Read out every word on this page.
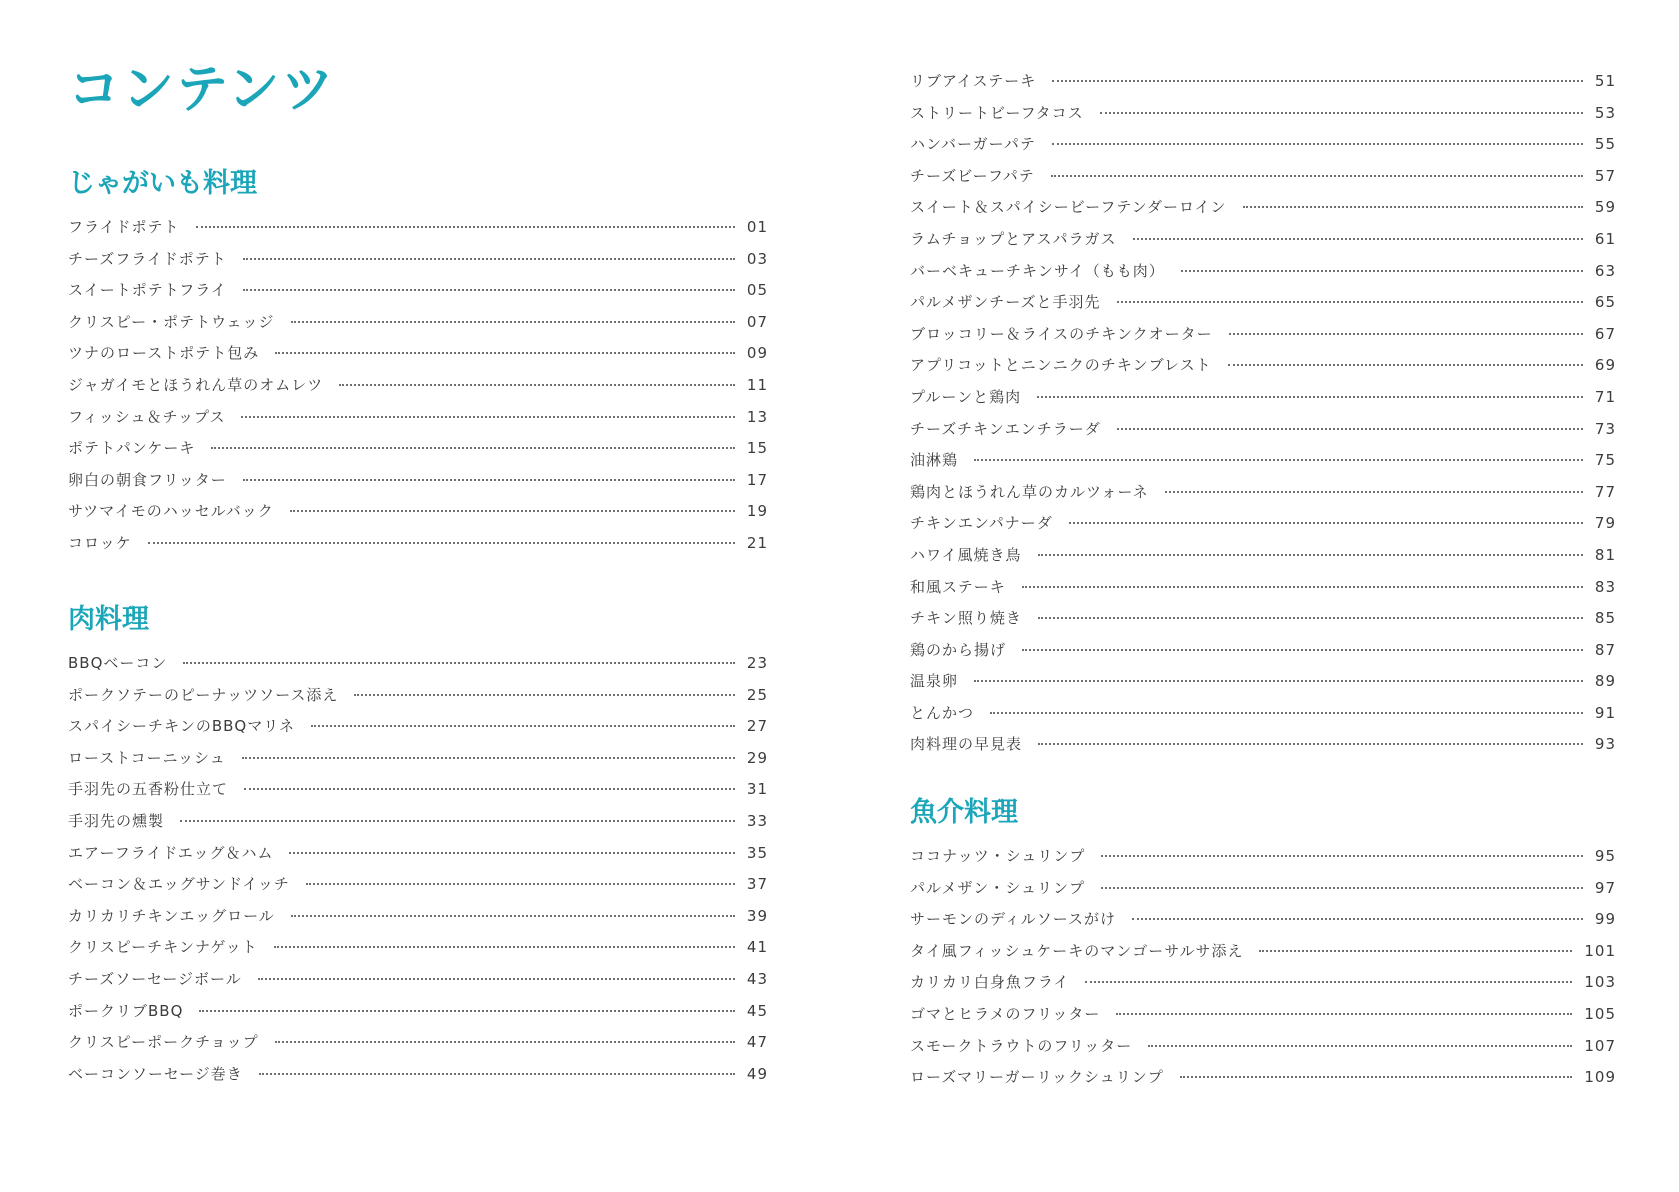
コンテンツ
じゃがいも料理
フライドポテト	01
チーズフライドポテト	03
スイートポテトフライ	05
クリスピー・ポテトウェッジ	07
ツナのローストポテト包み	09
ジャガイモとほうれん草のオムレツ	11
フィッシュ＆チップス	13
ポテトパンケーキ	15
卵白の朝食フリッター	17
サツマイモのハッセルバック	19
コロッケ	21
肉料理
BBQベーコン	23
ポークソテーのピーナッツソース添え	25
スパイシーチキンのBBQマリネ	27
ローストコーニッシュ	29
手羽先の五香粉仕立て	31
手羽先の燻製	33
エアーフライドエッグ＆ハム	35
ベーコン＆エッグサンドイッチ	37
カリカリチキンエッグロール	39
クリスピーチキンナゲット	41
チーズソーセージボール	43
ポークリブBBQ	45
クリスピーポークチョップ	47
ベーコンソーセージ巻き	49
リブアイステーキ	51
ストリートビーフタコス	53
ハンバーガーパテ	55
チーズビーフパテ	57
スイート＆スパイシービーフテンダーロイン	59
ラムチョップとアスパラガス	61
バーベキューチキンサイ（もも肉）	63
パルメザンチーズと手羽先	65
ブロッコリー＆ライスのチキンクオーター	67
アプリコットとニンニクのチキンブレスト	69
プルーンと鶏肉	71
チーズチキンエンチラーダ	73
油淋鶏	75
鶏肉とほうれん草のカルツォーネ	77
チキンエンパナーダ	79
ハワイ風焼き鳥	81
和風ステーキ	83
チキン照り焼き	85
鶏のから揚げ	87
温泉卵	89
とんかつ	91
肉料理の早見表	93
魚介料理
ココナッツ・シュリンプ	95
パルメザン・シュリンプ	97
サーモンのディルソースがけ	99
タイ風フィッシュケーキのマンゴーサルサ添え	101
カリカリ白身魚フライ	103
ゴマとヒラメのフリッター	105
スモークトラウトのフリッター	107
ローズマリーガーリックシュリンプ	109
